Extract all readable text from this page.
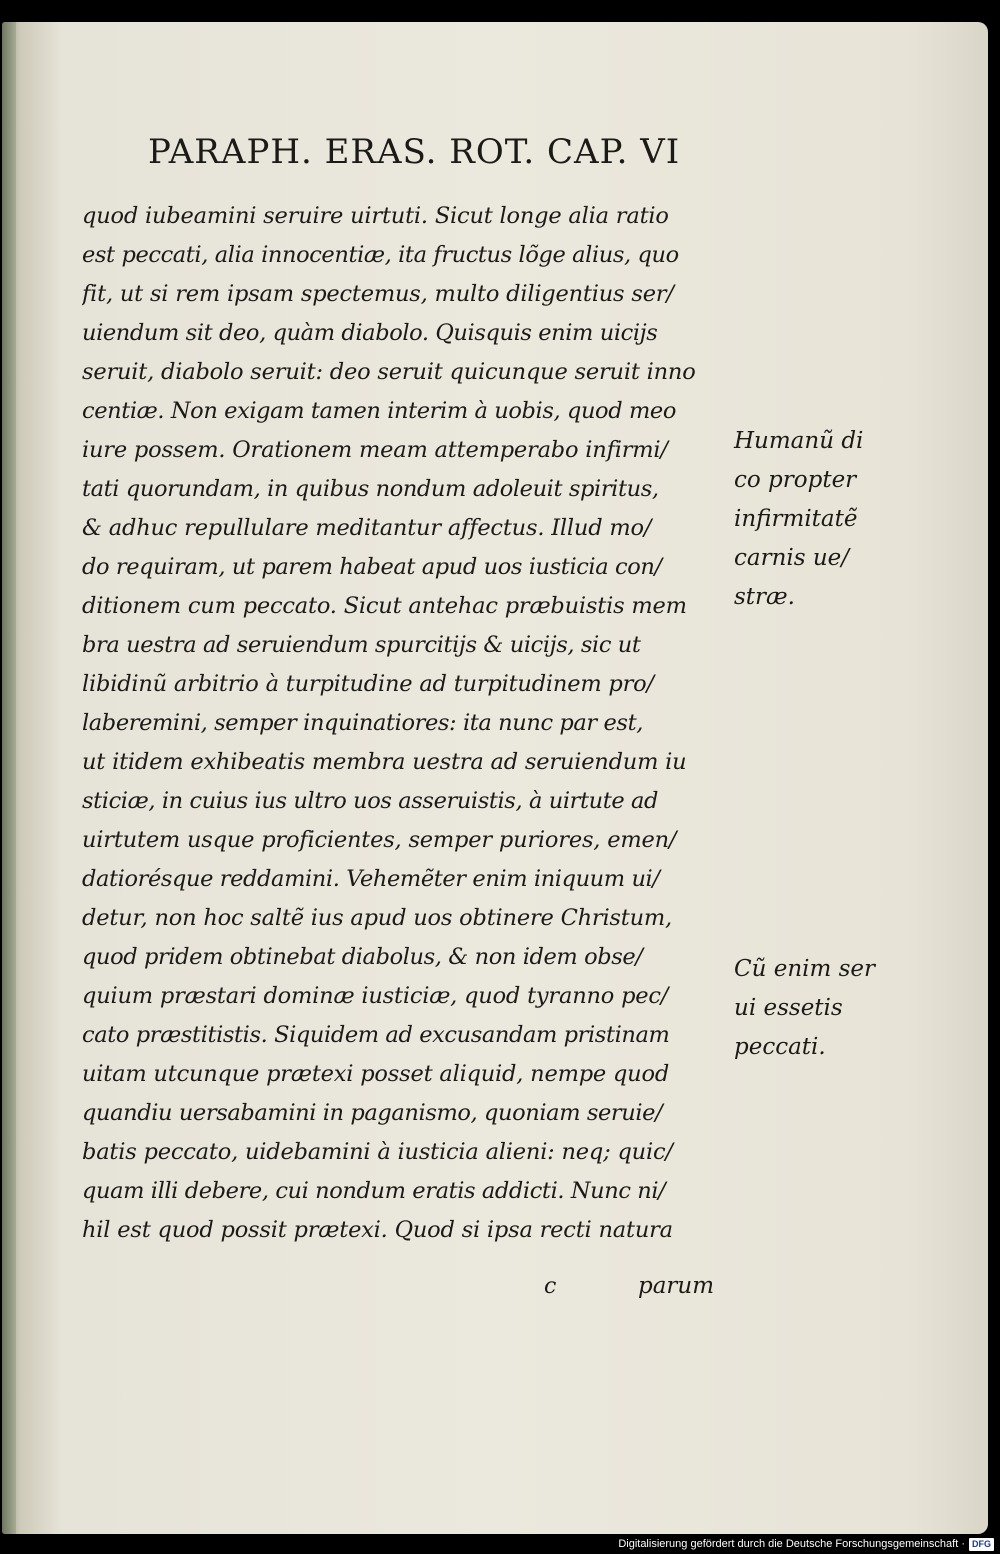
PARAPH. ERAS. ROT. CAP. VI
quod iubeamini seruire uirtuti. Sicut longe alia ratio
est peccati, alia innocentiæ, ita fructus lõge alius, quo
fit, ut si rem ipsam spectemus, multo diligentius ser/
uiendum sit deo, quàm diabolo. Quisquis enim uicijs
seruit, diabolo seruit: deo seruit quicunque seruit inno
centiæ. Non exigam tamen interim à uobis, quod meo
iure possem. Orationem meam attemperabo infirmi/
tati quorundam, in quibus nondum adoleuit spiritus,
& adhuc repullulare meditantur affectus. Illud mo/
do requiram, ut parem habeat apud uos iusticia con/
ditionem cum peccato. Sicut antehac præbuistis mem
bra uestra ad seruiendum spurcitijs & uicijs, sic ut
libidinũ arbitrio à turpitudine ad turpitudinem pro/
laberemini, semper inquinatiores: ita nunc par est,
ut itidem exhibeatis membra uestra ad seruiendum iu
sticiæ, in cuius ius ultro uos asseruistis, à uirtute ad
uirtutem usque proficientes, semper puriores, emen/
datiorésque reddamini. Vehemẽter enim iniquum ui/
detur, non hoc saltẽ ius apud uos obtinere Christum,
quod pridem obtinebat diabolus, & non idem obse/
quium præstari dominæ iusticiæ, quod tyranno pec/
cato præstitistis. Siquidem ad excusandam pristinam
uitam utcunque prætexi posset aliquid, nempe quod
quandiu uersabamini in paganismo, quoniam seruie/
batis peccato, uidebamini à iusticia alieni: neq; quic/
quam illi debere, cui nondum eratis addicti. Nunc ni/
hil est quod possit prætexi. Quod si ipsa recti natura
Humanũ di
co propter
infirmitatẽ
carnis ue/
stræ.
Cũ enim ser
ui essetis
peccati.
c	parum
Digitalisierung gefördert durch die Deutsche Forschungsgemeinschaft · DFG
